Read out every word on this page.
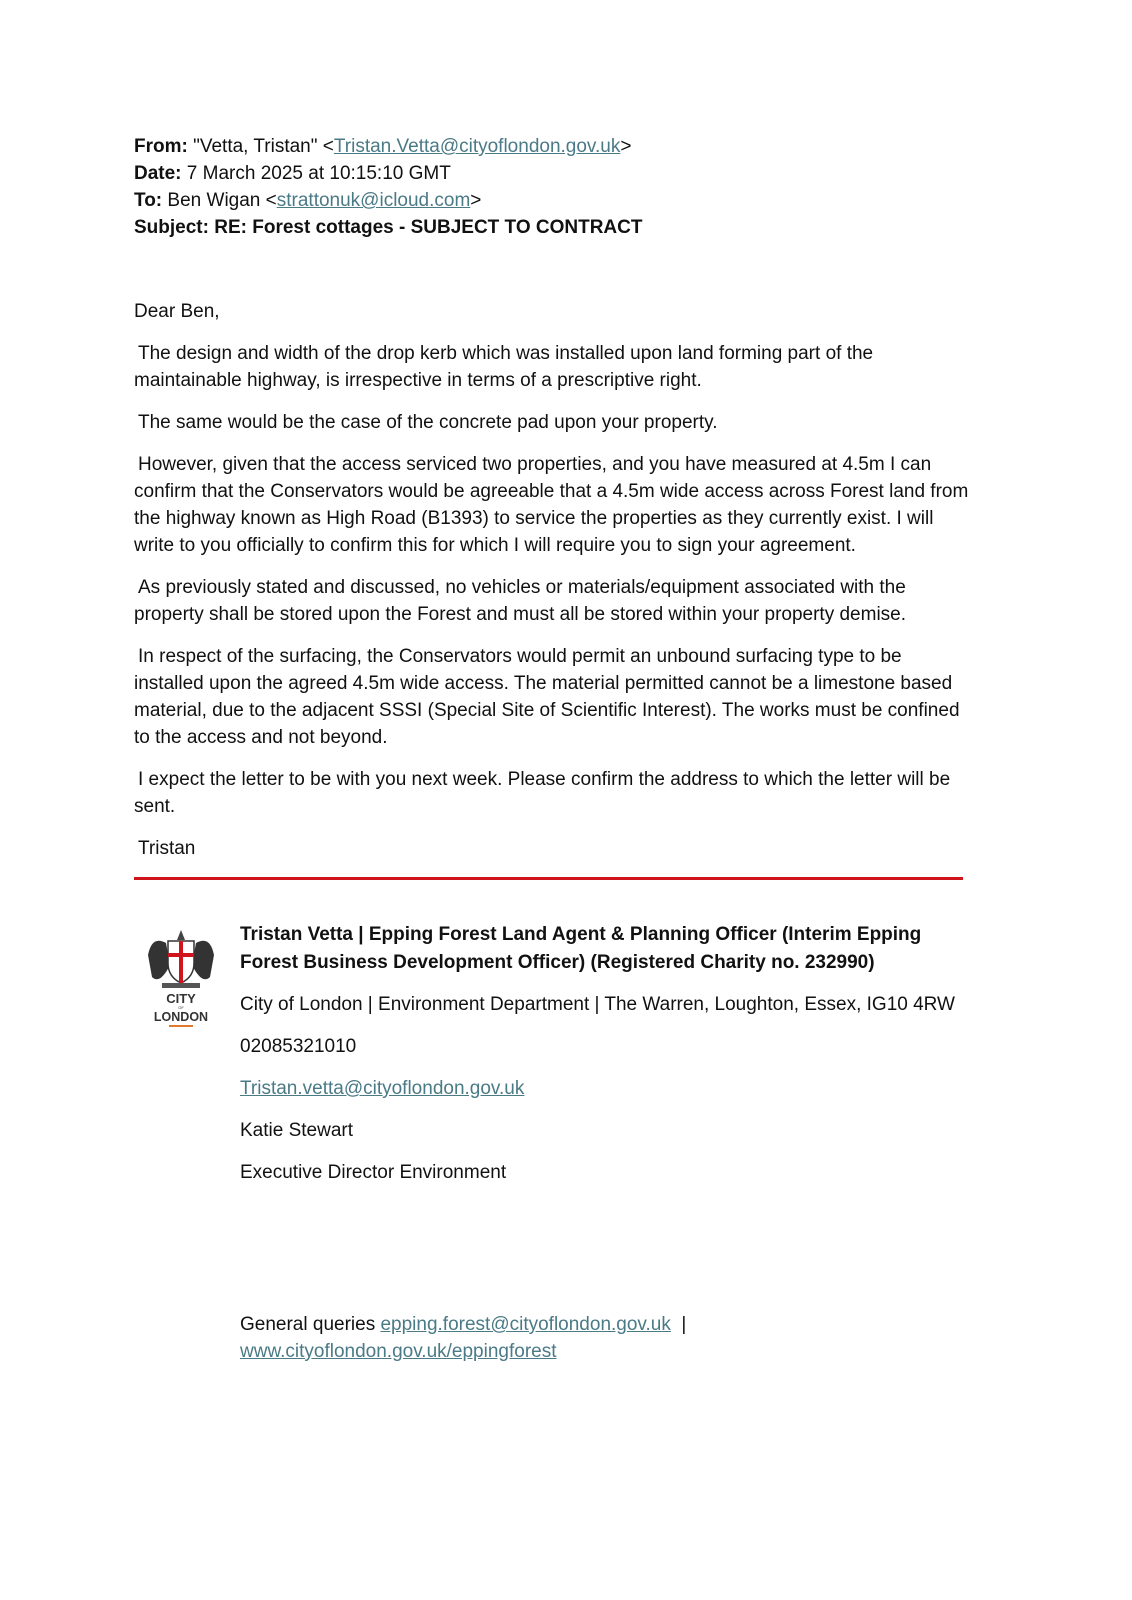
From: "Vetta, Tristan" <Tristan.Vetta@cityoflondon.gov.uk>
Date: 7 March 2025 at 10:15:10 GMT
To: Ben Wigan <strattonuk@icloud.com>
Subject: RE: Forest cottages - SUBJECT TO CONTRACT

Dear Ben,

The design and width of the drop kerb which was installed upon land forming part of the maintainable highway, is irrespective in terms of a prescriptive right.

The same would be the case of the concrete pad upon your property.

However, given that the access serviced two properties, and you have measured at 4.5m I can confirm that the Conservators would be agreeable that a 4.5m wide access across Forest land from the highway known as High Road (B1393) to service the properties as they currently exist. I will write to you officially to confirm this for which I will require you to sign your agreement.

As previously stated and discussed, no vehicles or materials/equipment associated with the property shall be stored upon the Forest and must all be stored within your property demise.

In respect of the surfacing, the Conservators would permit an unbound surfacing type to be installed upon the agreed 4.5m wide access. The material permitted cannot be a limestone based material, due to the adjacent SSSI (Special Site of Scientific Interest). The works must be confined to the access and not beyond.

I expect the letter to be with you next week. Please confirm the address to which the letter will be sent.

Tristan

CITY
OF
LONDON

Tristan Vetta | Epping Forest Land Agent & Planning Officer (Interim Epping Forest Business Development Officer) (Registered Charity no. 232990)

City of London | Environment Department | The Warren, Loughton, Essex, IG10 4RW

02085321010

Tristan.vetta@cityoflondon.gov.uk

Katie Stewart

Executive Director Environment

General queries epping.forest@cityoflondon.gov.uk  |
www.cityoflondon.gov.uk/eppingforest
